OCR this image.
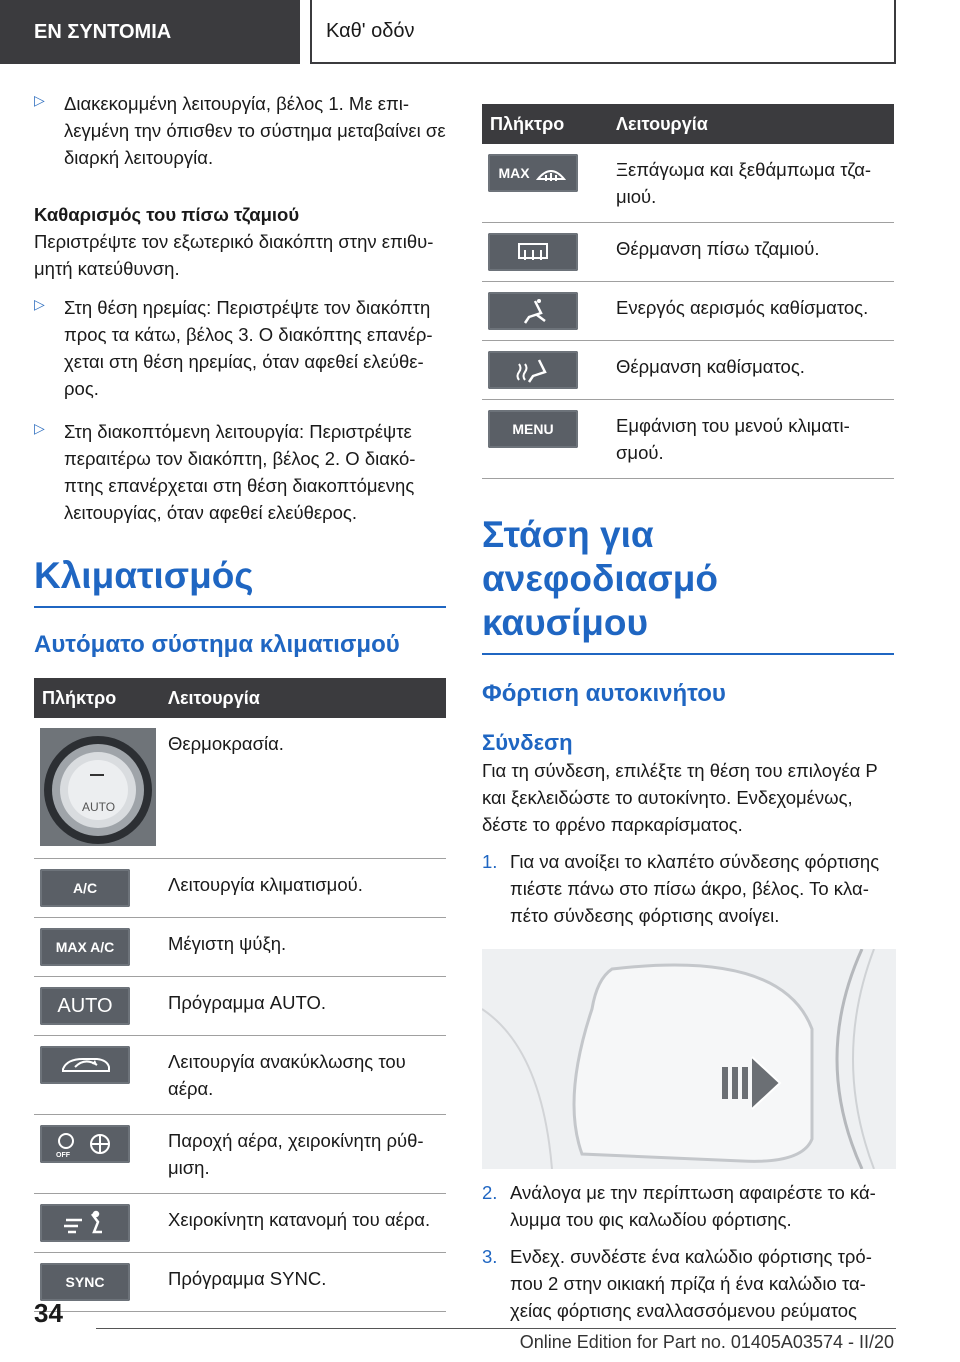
ΕΝ ΣΥΝΤΟΜΙΑ	Καθ' οδόν
▷	Διακεκομμένη λειτουργία, βέλος 1. Με επι‐λεγμένη την όπισθεν το σύστημα μεταβαίνει σε διαρκή λειτουργία.
Καθαρισμός του πίσω τζαμιού

Περιστρέψτε τον εξωτερικό διακόπτη στην επιθυ‐μητή κατεύθυνση.

▷	Στη θέση ηρεμίας: Περιστρέψτε τον διακόπτη προς τα κάτω, βέλος 3. Ο διακόπτης επανέρ‐χεται στη θέση ηρεμίας, όταν αφεθεί ελεύθε‐ρος.
▷	Στη διακοπτόμενη λειτουργία: Περιστρέψτε περαιτέρω τον διακόπτη, βέλος 2. Ο διακό‐πτης επανέρχεται στη θέση διακοπτόμενης λειτουργίας, όταν αφεθεί ελεύθερος.
Κλιματισμός
Αυτόματο σύστημα κλιματισμού
Πλήκτρο	Λειτουργία

AUTO	Θερμοκρασία.

A/C	Λειτουργία κλιματισμού.

MAX A/C	Μέγιστη ψύξη.

AUTO	Πρόγραμμα AUTO.

	Λειτουργία ανακύκλωσης του αέρα.

OFF	Παροχή αέρα, χειροκίνητη ρύθ‐μιση.

	Χειροκίνητη κατανομή του αέρα.

SYNC	Πρόγραμμα SYNC.
Πλήκτρο	Λειτουργία

MAX	Ξεπάγωμα και ξεθάμπωμα τζα‐μιού.

	Θέρμανση πίσω τζαμιού.

	Ενεργός αερισμός καθίσματος.

	Θέρμανση καθίσματος.

MENU	Εμφάνιση του μενού κλιματι‐σμού.
Στάση για ανεφοδιασμό καυσίμου
Φόρτιση αυτοκινήτου
Σύνδεση

Για τη σύνδεση, επιλέξτε τη θέση του επιλογέα P και ξεκλειδώστε το αυτοκίνητο. Ενδεχομένως, δέστε το φρένο παρκαρίσματος.

1. Για να ανοίξει το κλαπέτο σύνδεσης φόρτισης πιέστε πάνω στο πίσω άκρο, βέλος. Το κλα‐πέτο σύνδεσης φόρτισης ανοίγει.
2. Ανάλογα με την περίπτωση αφαιρέστε το κά‐λυμμα του φις καλωδίου φόρτισης.
3. Ενδεχ. συνδέστε ένα καλώδιο φόρτισης τρό‐που 2 στην οικιακή πρίζα ή ένα καλώδιο τα‐χείας φόρτισης εναλλασσόμενου ρεύματος
34
Online Edition for Part no. 01405A03574 - II/20
